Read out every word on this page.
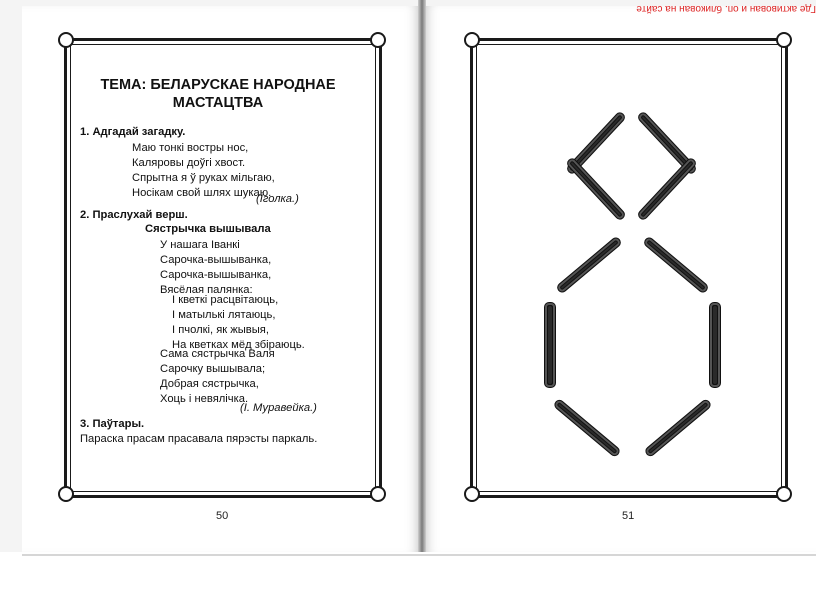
Где активован и оп. бликован на сайте
ТЕМА: БЕЛАРУСКАЕ НАРОДНАЕ МАСТАЦТВА
1. Адгадай загадку.
Маю тонкі востры нос,
Каляровы доўгі хвост.
Спрытна я ў руках мільгаю,
Носікам свой шлях шукаю.
(Іголка.)
2. Праслухай верш.
Сястрычка вышывала
У нашага Іванкі
Сарочка-вышыванка,
Сарочка-вышыванка,
Вясёлая палянка:
І кветкі расцвітаюць,
І матылькі лятаюць,
І пчолкі, як жывыя,
На кветках мёд збіраюць.
Сама сястрычка Валя
Сарочку вышывала;
Добрая сястрычка,
Хоць і невялічка.
(І. Муравейка.)
3. Паўтары.
Параска прасам прасавала пярэсты паркаль.
50	51
